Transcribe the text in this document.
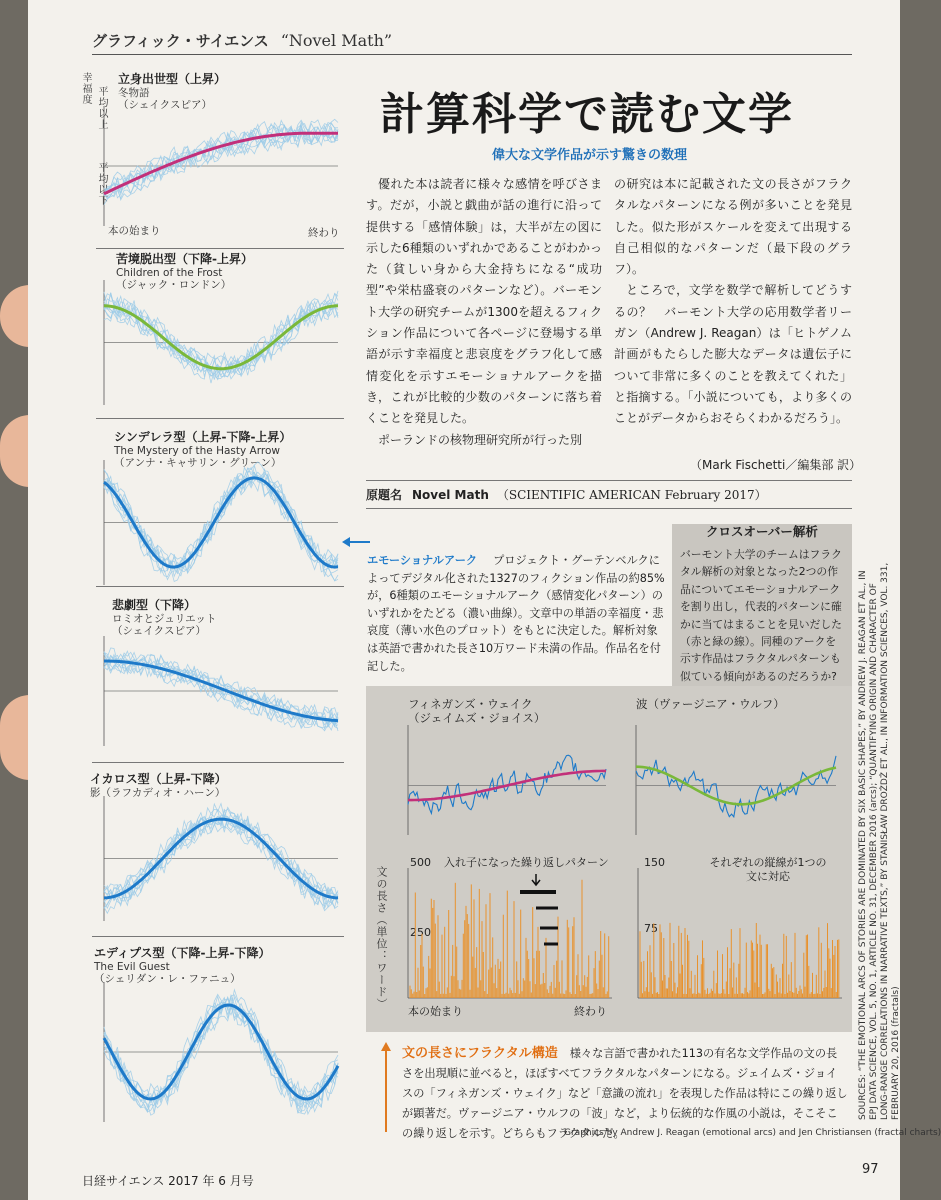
グラフィック・サイエンス “Novel Math”
幸福度 平均以上
平均以下
立身出世型（上昇）
冬物語
（シェイクスピア）
本の始まり	終わり
苦境脱出型（下降-上昇）
Children of the Frost
（ジャック・ロンドン）
シンデレラ型（上昇-下降-上昇）
The Mystery of the Hasty Arrow
（アンナ・キャサリン・グリーン）
悲劇型（下降）
ロミオとジュリエット
（シェイクスピア）
イカロス型（上昇-下降）
影（ラフカディオ・ハーン）
エディプス型（下降-上昇-下降）
The Evil Guest
（シェリダン・レ・ファニュ）
計算科学で読む文学
偉大な文学作品が示す驚きの数理

優れた本は読者に様々な感情を呼びさます。だが，小説と戯曲が話の進行に沿って提供する「感情体験」は，大半が左の図に示した6種類のいずれかであることがわかった（貧しい身から大金持ちになる“成功型”や栄枯盛衰のパターンなど）。バーモント大学の研究チームが1300を超えるフィクション作品について各ページに登場する単語が示す幸福度と悲哀度をグラフ化して感情変化を示すエモーショナルアークを描き，これが比較的少数のパターンに落ち着くことを発見した。

ポーランドの核物理研究所が行った別

の研究は本に記載された文の長さがフラクタルなパターンになる例が多いことを発見した。似た形がスケールを変えて出現する自己相似的なパターンだ（最下段のグラフ）。

ところで，文学を数学で解析してどうするの？　バーモント大学の応用数学者リーガン（Andrew J. Reagan）は「ヒトゲノム計画がもたらした膨大なデータは遺伝子について非常に多くのことを教えてくれた」と指摘する。「小説についても，より多くのことがデータからおそらくわかるだろう」。

（Mark Fischetti／編集部 訳）
原題名 Novel Math （SCIENTIFIC AMERICAN February 2017）
エモーショナルアーク プロジェクト・グーテンベルクによってデジタル化された1327のフィクション作品の約85%が，6種類のエモーショナルアーク（感情変化パターン）のいずれかをたどる（濃い曲線）。文章中の単語の幸福度・悲哀度（薄い水色のプロット）をもとに決定した。解析対象は英語で書かれた長さ10万ワード未満の作品。作品名を付記した。
クロスオーバー解析
バーモント大学のチームはフラクタル解析の対象となった2つの作品についてエモーショナルアークを割り出し，代表的パターンに確かに当てはまることを見いだした（赤と緑の線）。同種のアークを示す作品はフラクタルパターンも似ている傾向があるのだろうか?　
フィネガンズ・ウェイク
（ジェイムズ・ジョイス）
波（ヴァージニア・ウルフ）
文の長さ（単位：ワード）
500
250
150
75
入れ子になった繰り返しパターン	それぞれの縦線が1つの文に対応
本の始まり	終わり
文の長さにフラクタル構造 様々な言語で書かれた113の有名な文学作品の文の長さを出現順に並べると，ほぼすべてフラクタルなパターンになる。ジェイムズ・ジョイスの「フィネガンズ・ウェイク」など「意識の流れ」を表現した作品は特にこの繰り返しが顕著だ。ヴァージニア・ウルフの「波」など，より伝統的な作風の小説は，そこそこの繰り返しを示す。どちらもフラクタルだ。
Graphics by Andrew J. Reagan (emotional arcs) and Jen Christiansen (fractal charts)
SOURCES: “THE EMOTIONAL ARCS OF STORIES ARE DOMINATED BY SIX BASIC SHAPES,” BY ANDREW J. REAGAN ET AL., IN EPJ DATA SCIENCE, VOL. 5, NO. 1, ARTICLE NO. 31, DECEMBER 2016 (arcs); “QUANTIFYING ORIGIN AND CHARACTER OF LONG-RANGE CORRELATIONS IN NARRATIVE TEXTS,” BY STANISŁAW DROŻDŻ ET AL., IN INFORMATION SCIENCES, VOL. 331, FEBRUARY 20, 2016 (fractals)
日経サイエンス 2017 年 6 月号
97
